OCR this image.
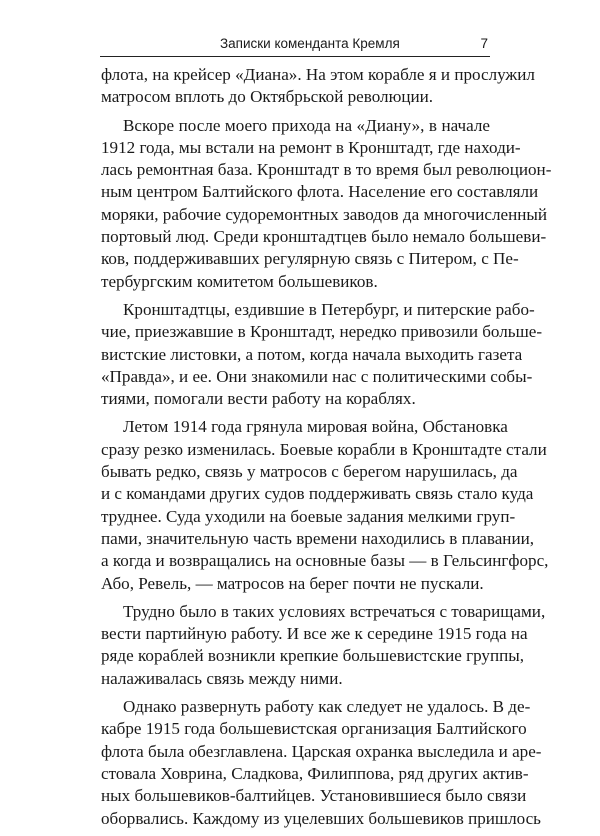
Записки коменданта Кремля	7
флота, на крейсер «Диана». На этом корабле я и прослужил
матросом вплоть до Октябрьской революции.
Вскоре после моего прихода на «Диану», в начале
1912 года, мы встали на ремонт в Кронштадт, где находи-
лась ремонтная база. Кронштадт в то время был революцион-
ным центром Балтийского флота. Население его составляли
моряки, рабочие судоремонтных заводов да многочисленный
портовый люд. Среди кронштадтцев было немало большеви-
ков, поддерживавших регулярную связь с Питером, с Пе-
тербургским комитетом большевиков.
Кронштадтцы, ездившие в Петербург, и питерские рабо-
чие, приезжавшие в Кронштадт, нередко привозили больше-
вистские листовки, а потом, когда начала выходить газета
«Правда», и ее. Они знакомили нас с политическими собы-
тиями, помогали вести работу на кораблях.
Летом 1914 года грянула мировая война, Обстановка
сразу резко изменилась. Боевые корабли в Кронштадте стали
бывать редко, связь у матросов с берегом нарушилась, да
и с командами других судов поддерживать связь стало куда
труднее. Суда уходили на боевые задания мелкими груп-
пами, значительную часть времени находились в плавании,
а когда и возвращались на основные базы — в Гельсингфорс,
Або, Ревель, — матросов на берег почти не пускали.
Трудно было в таких условиях встречаться с товарищами,
вести партийную работу. И все же к середине 1915 года на
ряде кораблей возникли крепкие большевистские группы,
налаживалась связь между ними.
Однако развернуть работу как следует не удалось. В де-
кабре 1915 года большевистская организация Балтийского
флота была обезглавлена. Царская охранка выследила и аре-
стовала Ховрина, Сладкова, Филиппова, ряд других актив-
ных большевиков-балтийцев. Установившиеся было связи
оборвались. Каждому из уцелевших большевиков пришлось
